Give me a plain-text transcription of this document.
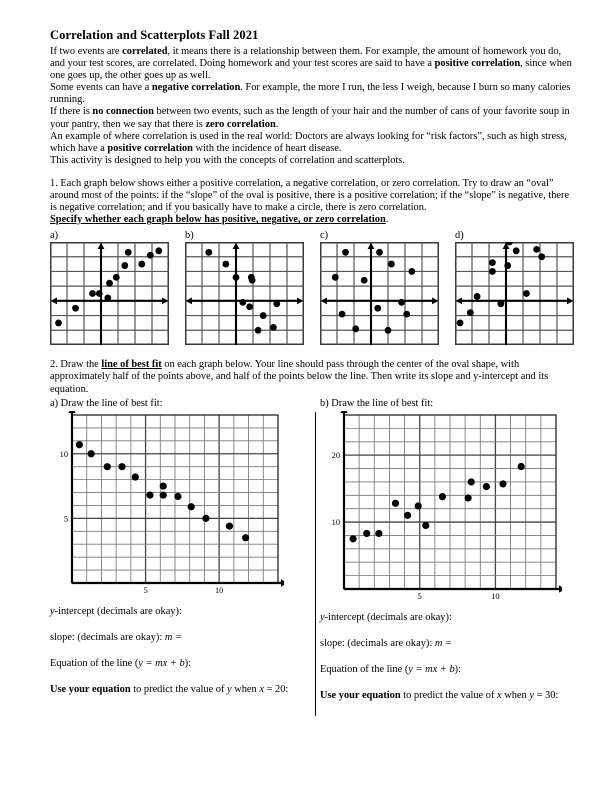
Correlation and Scatterplots Fall 2021

If two events are correlated, it means there is a relationship between them. For example, the amount of homework you do, and your test scores, are correlated. Doing homework and your test scores are said to have a positive correlation, since when one goes up, the other goes up as well.

Some events can have a negative correlation. For example, the more I run, the less I weigh, because I burn so many calories running.

If there is no connection between two events, such as the length of your hair and the number of cans of your favorite soup in your pantry, then we say that there is zero correlation.

An example of where correlation is used in the real world: Doctors are always looking for “risk factors”, such as high stress, which have a positive correlation with the incidence of heart disease.

This activity is designed to help you with the concepts of correlation and scatterplots.

1. Each graph below shows either a positive correlation, a negative correlation, or zero correlation. Try to draw an “oval” around most of the points: if the “slope” of the oval is positive, there is a positive correlation; if the “slope” is negative, there is negative correlation; and if you basically have to make a circle, there is zero correlation.

Specify whether each graph below has positive, negative, or zero correlation.

a)	b)	c)	d)

2. Draw the line of best fit on each graph below. Your line should pass through the center of the oval shape, with approximately half of the points above, and half of the points below the line. Then write its slope and y-intercept and its equation.

a) Draw the line of best fit:
5	10
5
10
y-intercept (decimals are okay):
slope: (decimals are okay): m =
Equation of the line (y = mx + b):
Use your equation to predict the value of y when x = 20:
b) Draw the line of best fit:
5	10
10
20
y-intercept (decimals are okay):
slope: (decimals are okay): m =
Equation of the line (y = mx + b):
Use your equation to predict the value of x when y = 30:
